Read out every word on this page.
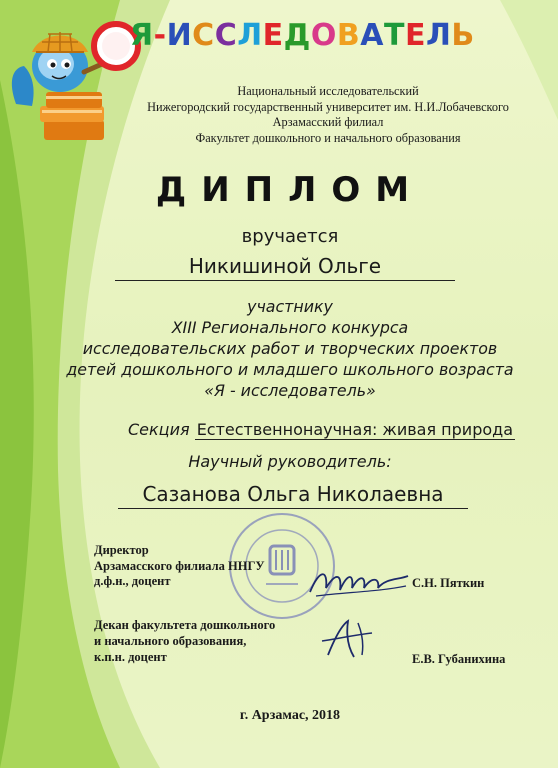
Я-ИССЛЕДОВАТЕЛЬ
Национальный исследовательский
Нижегородский государственный университет им. Н.И.Лобачевского
Арзамасский филиал
Факультет дошкольного и начального образования
ДИПЛОМ
вручается
Никишиной Ольге
участнику
XIII Регионального конкурса
исследовательских работ и творческих проектов
детей дошкольного и младшего школьного возраста
«Я - исследователь»
Секция Естественнонаучная: живая природа
Научный руководитель:
Сазанова Ольга Николаевна
Директор
Арзамасского филиала ННГУ
д.ф.н., доцент	С.Н. Пяткин
Декан факультета дошкольного
и начального образования,
к.п.н. доцент	Е.В. Губанихина
г. Арзамас, 2018
